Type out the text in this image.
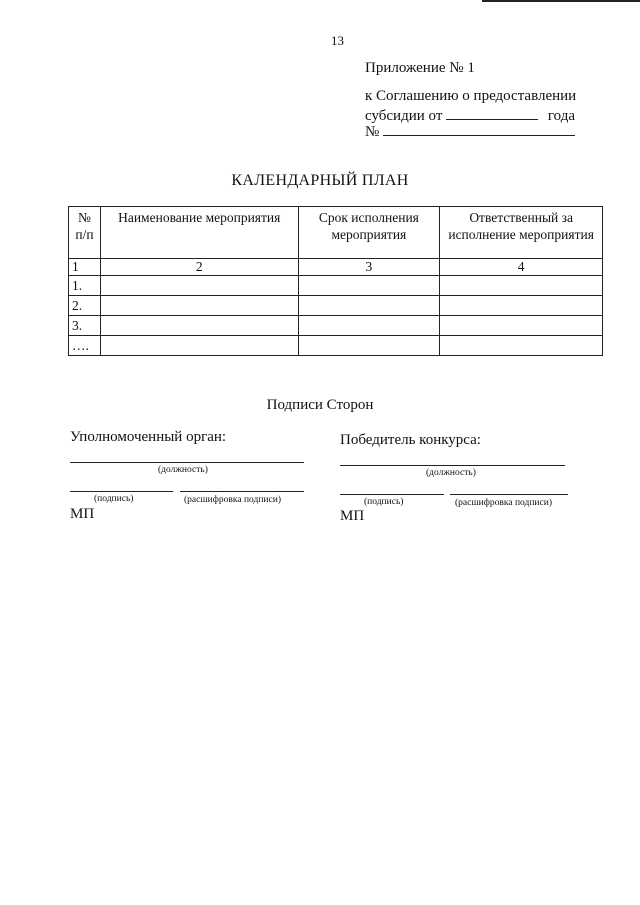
13
Приложение № 1
к Соглашению о предоставлении
субсидии от	года
№
КАЛЕНДАРНЫЙ ПЛАН
№ п/п	Наименование мероприятия	Срок исполнения мероприятия	Ответственный за исполнение мероприятия
1	2	3	4
1.			
2.			
3.			
….			
Подписи Сторон
Уполномоченный орган:
(должность)
(подпись)	(расшифровка подписи)
МП
Победитель конкурса:
(должность)
(подпись)	(расшифровка подписи)
МП
